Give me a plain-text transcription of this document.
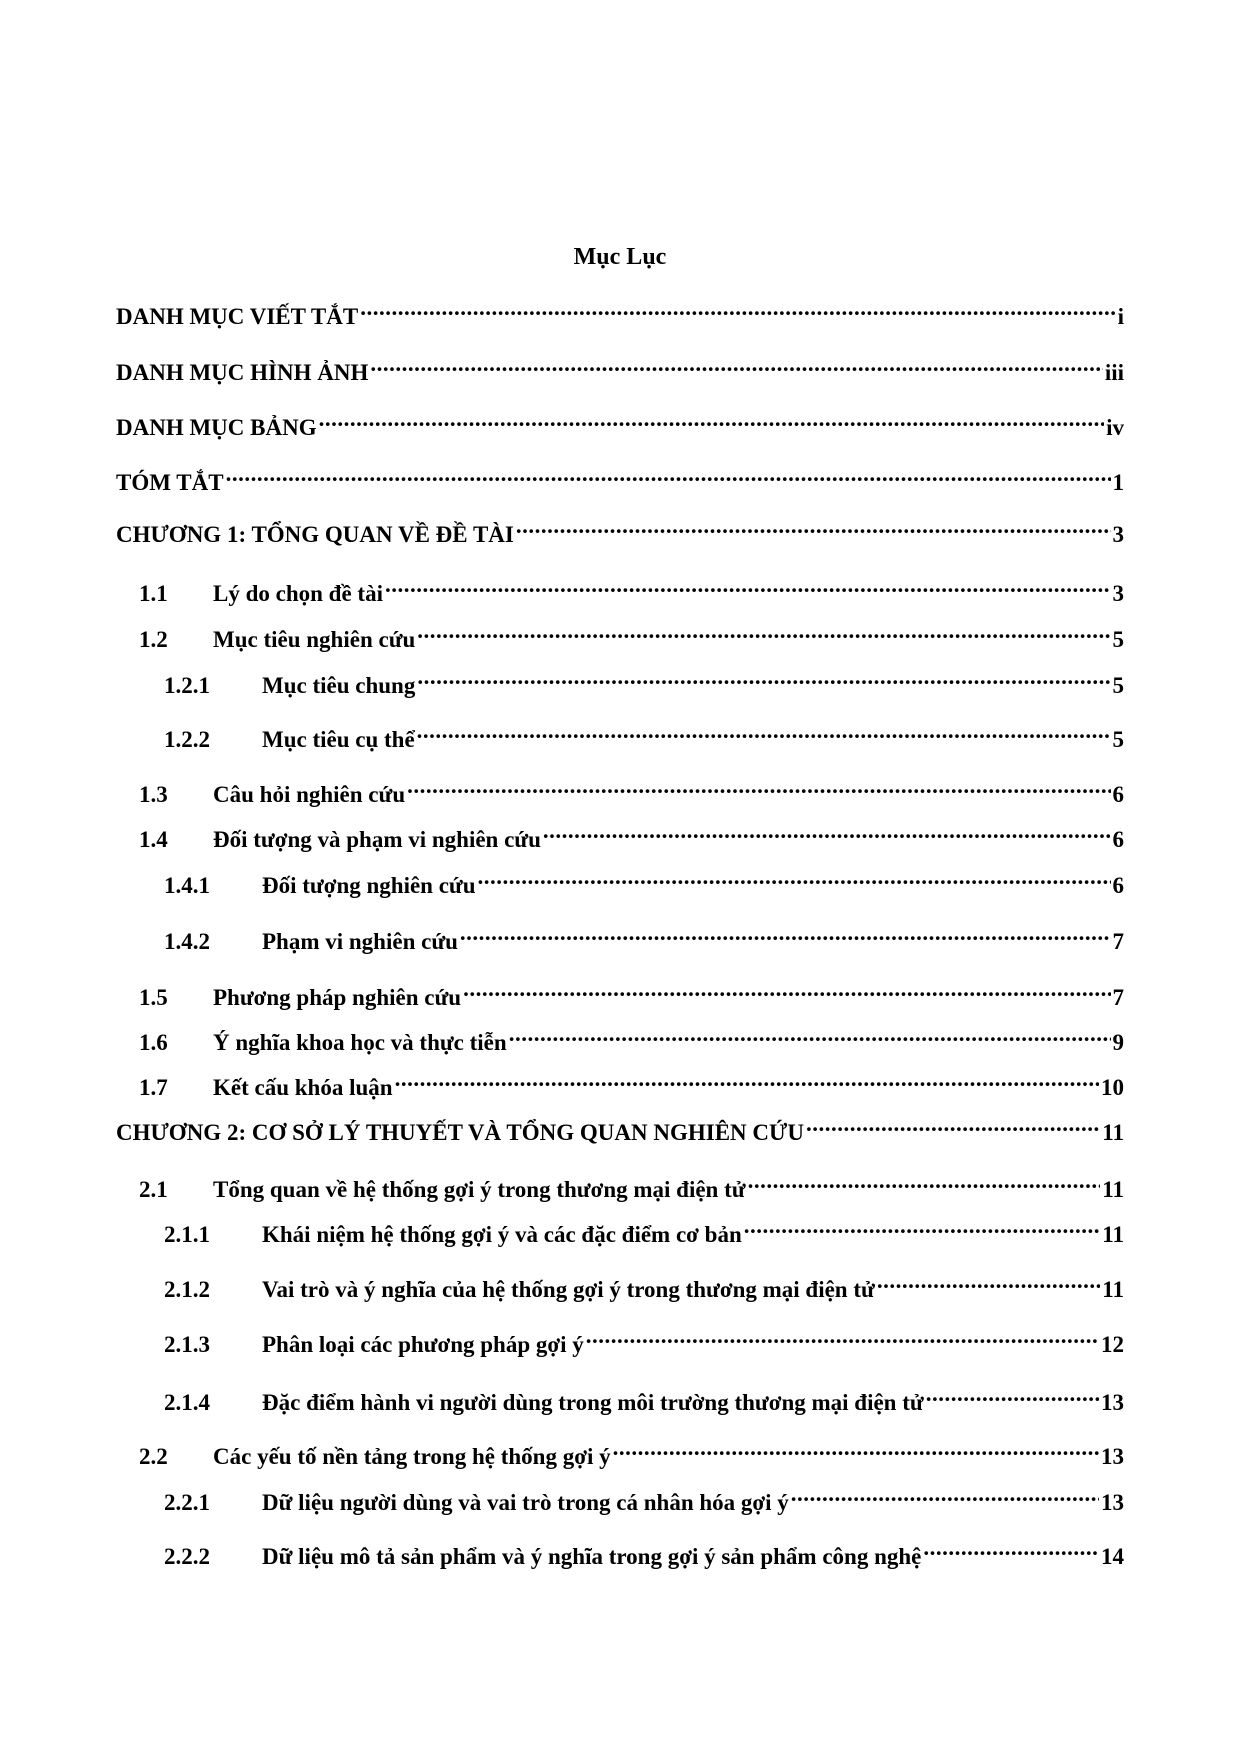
Mục Lục
DANH MỤC VIẾT TẮT .....	i
DANH MỤC HÌNH ẢNH .....	iii
DANH MỤC BẢNG .....	iv
TÓM TẮT .....	1
CHƯƠNG 1: TỔNG QUAN VỀ ĐỀ TÀI .....	3
1.1	Lý do chọn đề tài .....	3
1.2	Mục tiêu nghiên cứu .....	5
1.2.1	Mục tiêu chung .....	5
1.2.2	Mục tiêu cụ thể .....	5
1.3	Câu hỏi nghiên cứu .....	6
1.4	Đối tượng và phạm vi nghiên cứu .....	6
1.4.1	Đối tượng nghiên cứu .....	6
1.4.2	Phạm vi nghiên cứu .....	7
1.5	Phương pháp nghiên cứu .....	7
1.6	Ý nghĩa khoa học và thực tiễn .....	9
1.7	Kết cấu khóa luận .....	10
CHƯƠNG 2: CƠ SỞ LÝ THUYẾT VÀ TỔNG QUAN NGHIÊN CỨU .....	11
2.1	Tổng quan về hệ thống gợi ý trong thương mại điện tử .....	11
2.1.1	Khái niệm hệ thống gợi ý và các đặc điểm cơ bản .....	11
2.1.2	Vai trò và ý nghĩa của hệ thống gợi ý trong thương mại điện tử .....	11
2.1.3	Phân loại các phương pháp gợi ý .....	12
2.1.4	Đặc điểm hành vi người dùng trong môi trường thương mại điện tử .....	13
2.2	Các yếu tố nền tảng trong hệ thống gợi ý .....	13
2.2.1	Dữ liệu người dùng và vai trò trong cá nhân hóa gợi ý .....	13
2.2.2	Dữ liệu mô tả sản phẩm và ý nghĩa trong gợi ý sản phẩm công nghệ .....	14
